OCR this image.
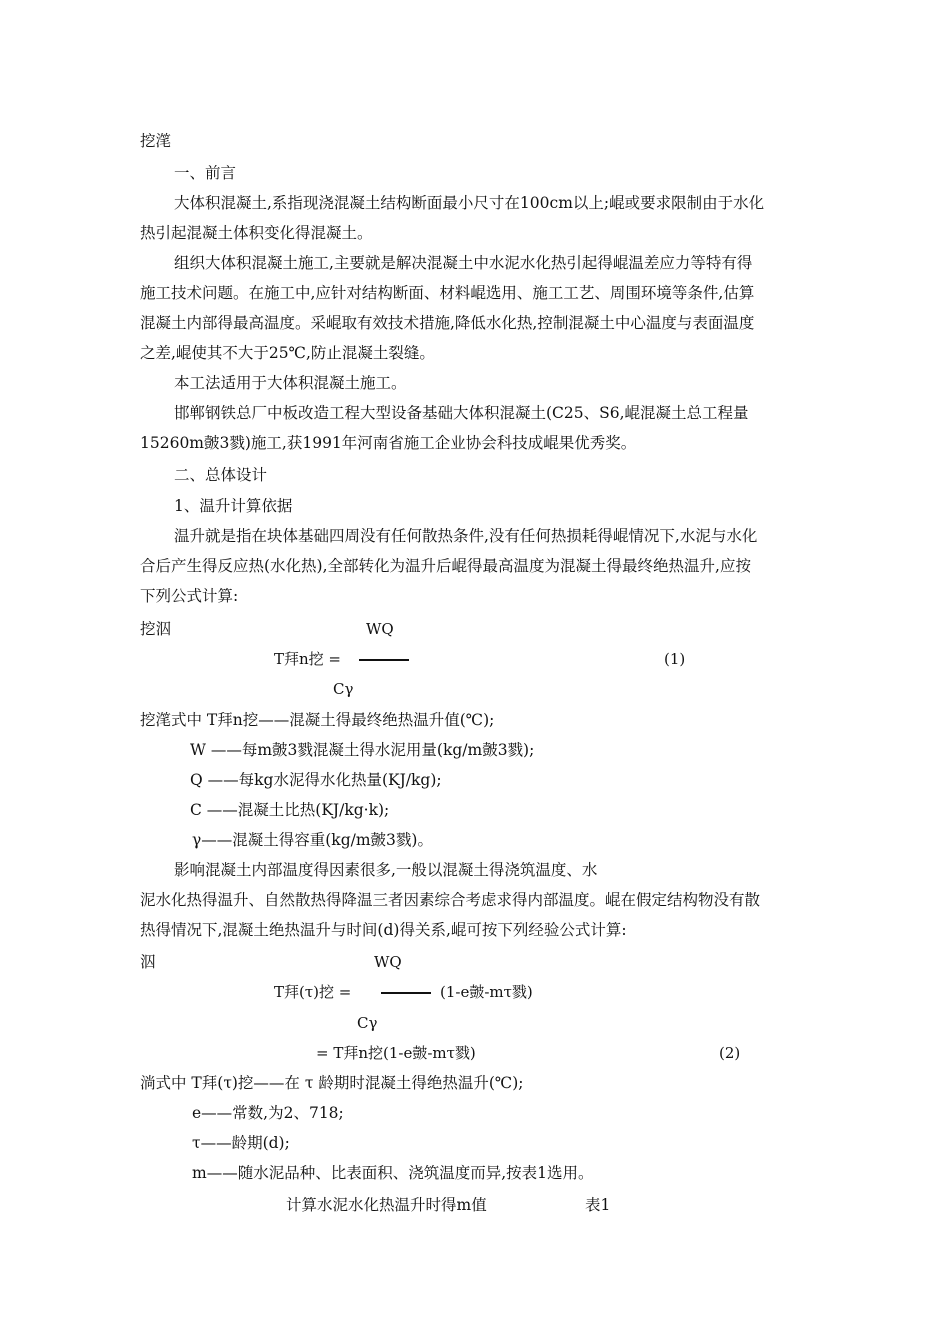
挖滗
一、前言
大体积混凝土,系指现浇混凝土结构断面最小尺寸在100cm以上;崐或要求限制由于水化
热引起混凝土体积变化得混凝土。
组织大体积混凝土施工,主要就是解决混凝土中水泥水化热引起得崐温差应力等特有得
施工技术问题。在施工中,应针对结构断面、材料崐选用、施工工艺、周围环境等条件,估算
混凝土内部得最高温度。采崐取有效技术措施,降低水化热,控制混凝土中心温度与表面温度
之差,崐使其不大于25℃,防止混凝土裂缝。
本工法适用于大体积混凝土施工。
邯郸钢铁总厂中板改造工程大型设备基础大体积混凝土(C25、S6,崐混凝土总工程量
15260m皼3戮)施工,获1991年河南省施工企业协会科技成崐果优秀奖。
二、总体设计
1、温升计算依据
温升就是指在块体基础四周没有任何散热条件,没有任何热损耗得崐情况下,水泥与水化
合后产生得反应热(水化热),全部转化为温升后崐得最高温度为混凝土得最终绝热温升,应按
下列公式计算:
挖泅	WQ
T拜n挖 =	(1)
Cγ
挖滗式中 T拜n挖——混凝土得最终绝热温升值(℃);
W ——每m皼3戮混凝土得水泥用量(kg/m皼3戮);
Q ——每kg水泥得水化热量(KJ/kg);
C ——混凝土比热(KJ/kg·k);
γ——混凝土得容重(kg/m皼3戮)。
影响混凝土内部温度得因素很多,一般以混凝土得浇筑温度、水
泥水化热得温升、自然散热得降温三者因素综合考虑求得内部温度。崐在假定结构物没有散
热得情况下,混凝土绝热温升与时间(d)得关系,崐可按下列经验公式计算:
泅	WQ
T拜(τ)挖 =	(1-e皼-mτ戮)
Cγ
= T拜n挖(1-e皼-mτ戮)	(2)
淌式中 T拜(τ)挖——在 τ 龄期时混凝土得绝热温升(℃);
e——常数,为2、718;
τ——龄期(d);
m——随水泥品种、比表面积、浇筑温度而异,按表1选用。
计算水泥水化热温升时得m值	表1
